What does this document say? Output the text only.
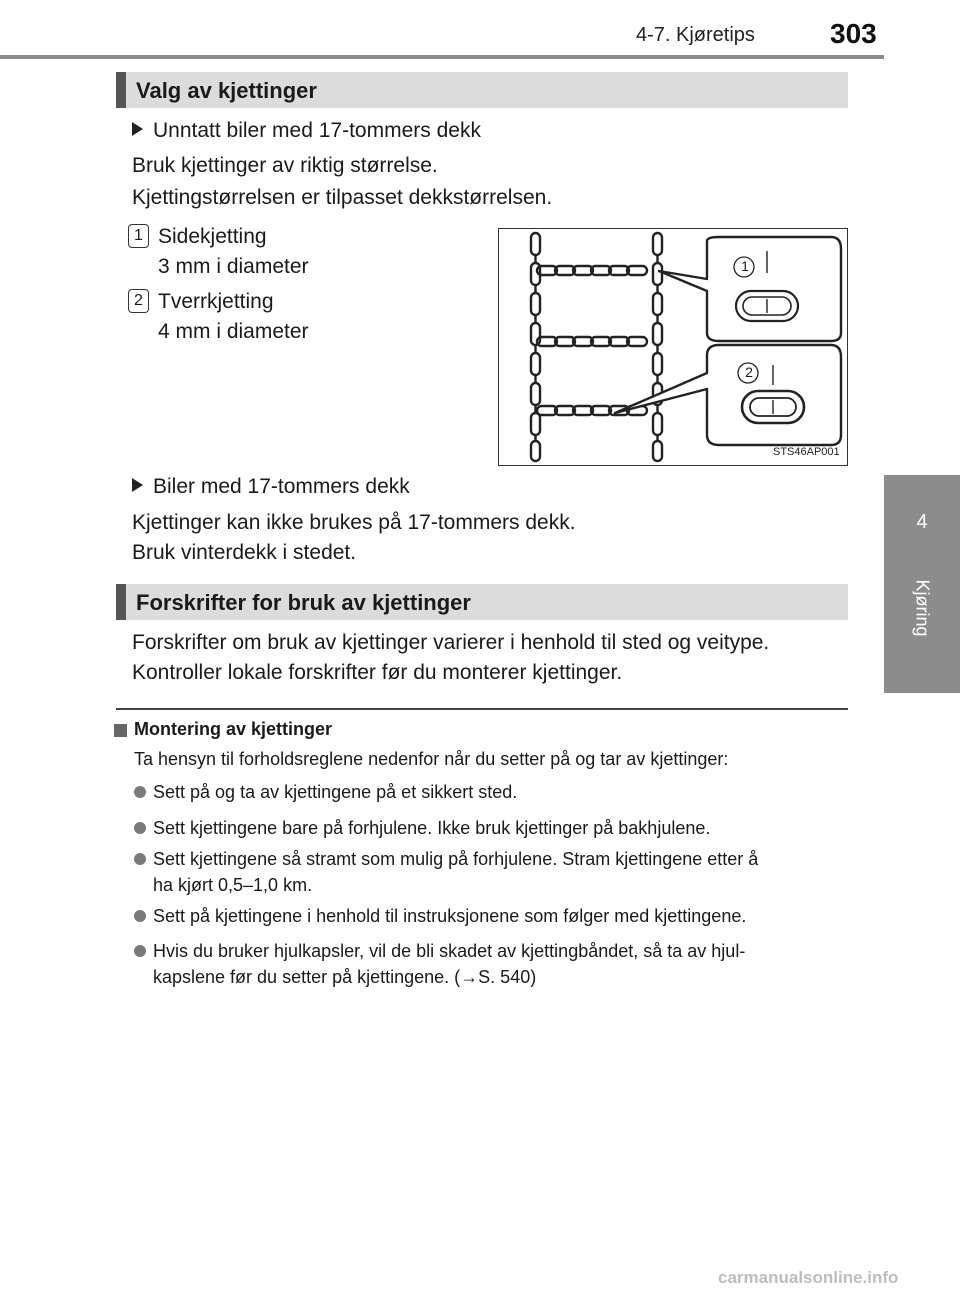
4-7. Kjøretips	303
4
Kjøring
Valg av kjettinger
Unntatt biler med 17-tommers dekk
Bruk kjettinger av riktig størrelse.
Kjettingstørrelsen er tilpasset dekkstørrelsen.
1 Sidekjetting
3 mm i diameter
2 Tverrkjetting
4 mm i diameter
1
2
STS46AP001
Biler med 17-tommers dekk
Kjettinger kan ikke brukes på 17-tommers dekk.
Bruk vinterdekk i stedet.
Forskrifter for bruk av kjettinger
Forskrifter om bruk av kjettinger varierer i henhold til sted og veitype.
Kontroller lokale forskrifter før du monterer kjettinger.
Montering av kjettinger
Ta hensyn til forholdsreglene nedenfor når du setter på og tar av kjettinger:
Sett på og ta av kjettingene på et sikkert sted.
Sett kjettingene bare på forhjulene. Ikke bruk kjettinger på bakhjulene.
Sett kjettingene så stramt som mulig på forhjulene. Stram kjettingene etter å
ha kjørt 0,5–1,0 km.
Sett på kjettingene i henhold til instruksjonene som følger med kjettingene.
Hvis du bruker hjulkapsler, vil de bli skadet av kjettingbåndet, så ta av hjul-
kapslene før du setter på kjettingene. (→S. 540)
carmanualsonline.info
